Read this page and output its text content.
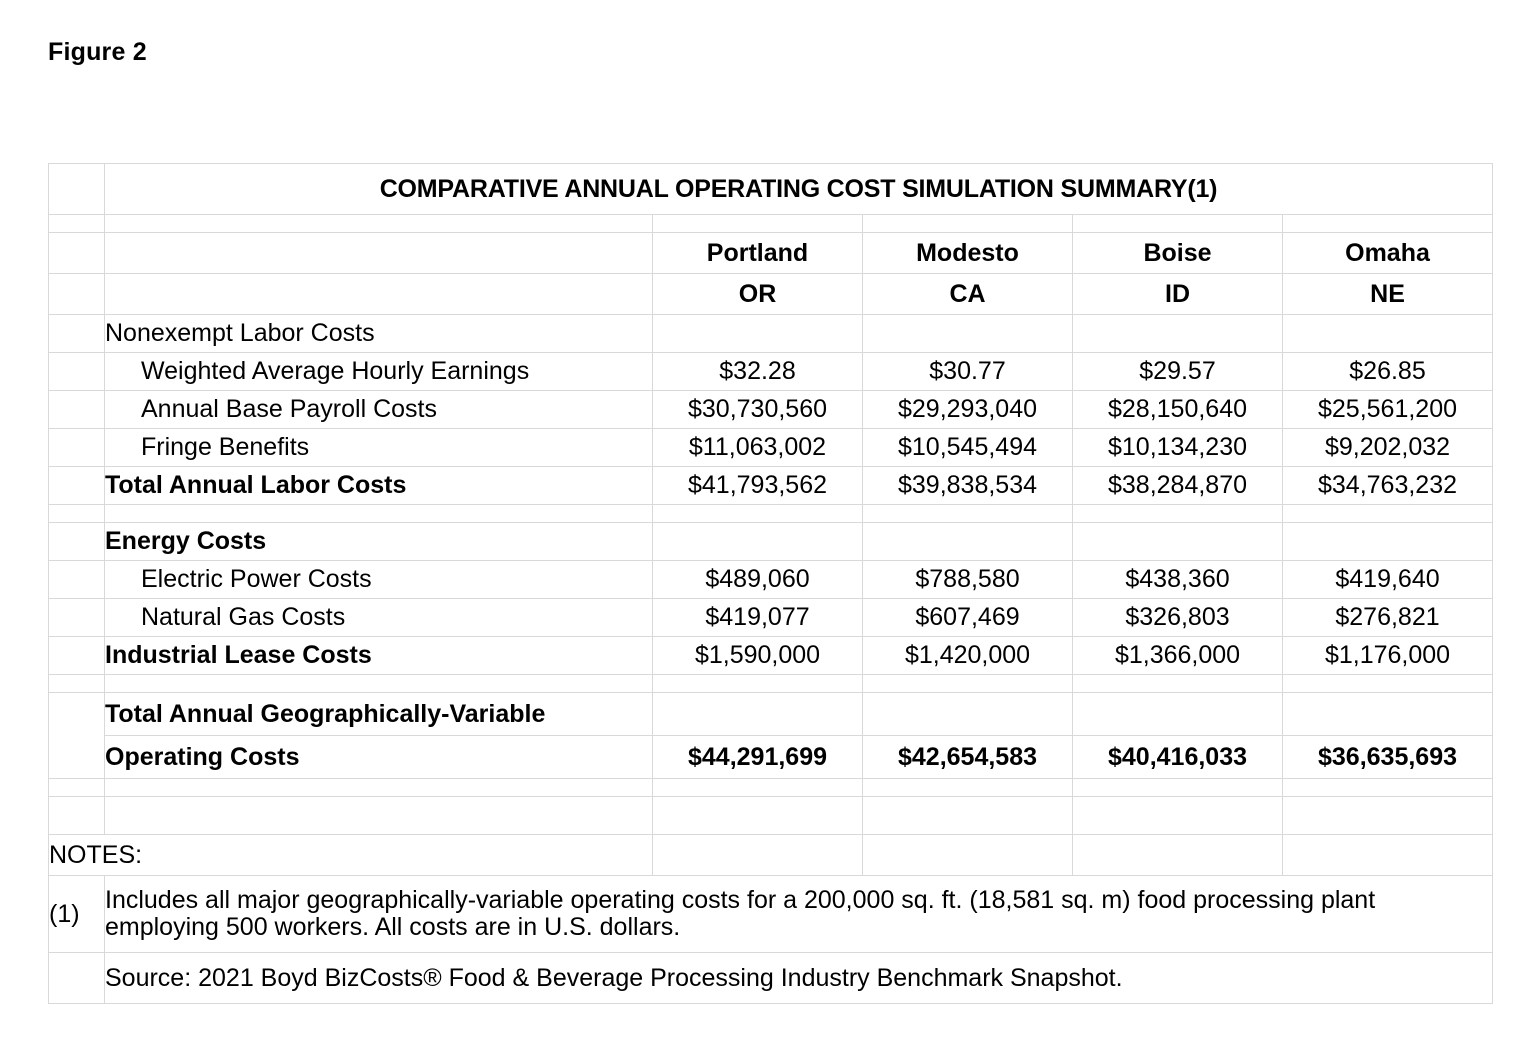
Figure 2
	COMPARATIVE ANNUAL OPERATING COST SIMULATION SUMMARY(1)				

		Portland	Modesto	Boise	Omaha
		OR	CA	ID	NE
	Nonexempt Labor Costs				
	Weighted Average Hourly Earnings	$32.28	$30.77	$29.57	$26.85
	Annual Base Payroll Costs	$30,730,560	$29,293,040	$28,150,640	$25,561,200
	Fringe Benefits	$11,063,002	$10,545,494	$10,134,230	$9,202,032
	Total Annual Labor Costs	$41,793,562	$39,838,534	$38,284,870	$34,763,232

	Energy Costs				
	Electric Power Costs	$489,060	$788,580	$438,360	$419,640
	Natural Gas Costs	$419,077	$607,469	$326,803	$276,821
	Industrial Lease Costs	$1,590,000	$1,420,000	$1,366,000	$1,176,000

	Total Annual Geographically-Variable				
	Operating Costs	$44,291,699	$42,654,583	$40,416,033	$36,635,693

NOTES:					
(1)	Includes all major geographically-variable operating costs for a 200,000 sq. ft. (18,581 sq. m) food processing plant employing 500 workers. All costs are in U.S. dollars.				
	Source: 2021 Boyd BizCosts® Food & Beverage Processing Industry Benchmark Snapshot.				
